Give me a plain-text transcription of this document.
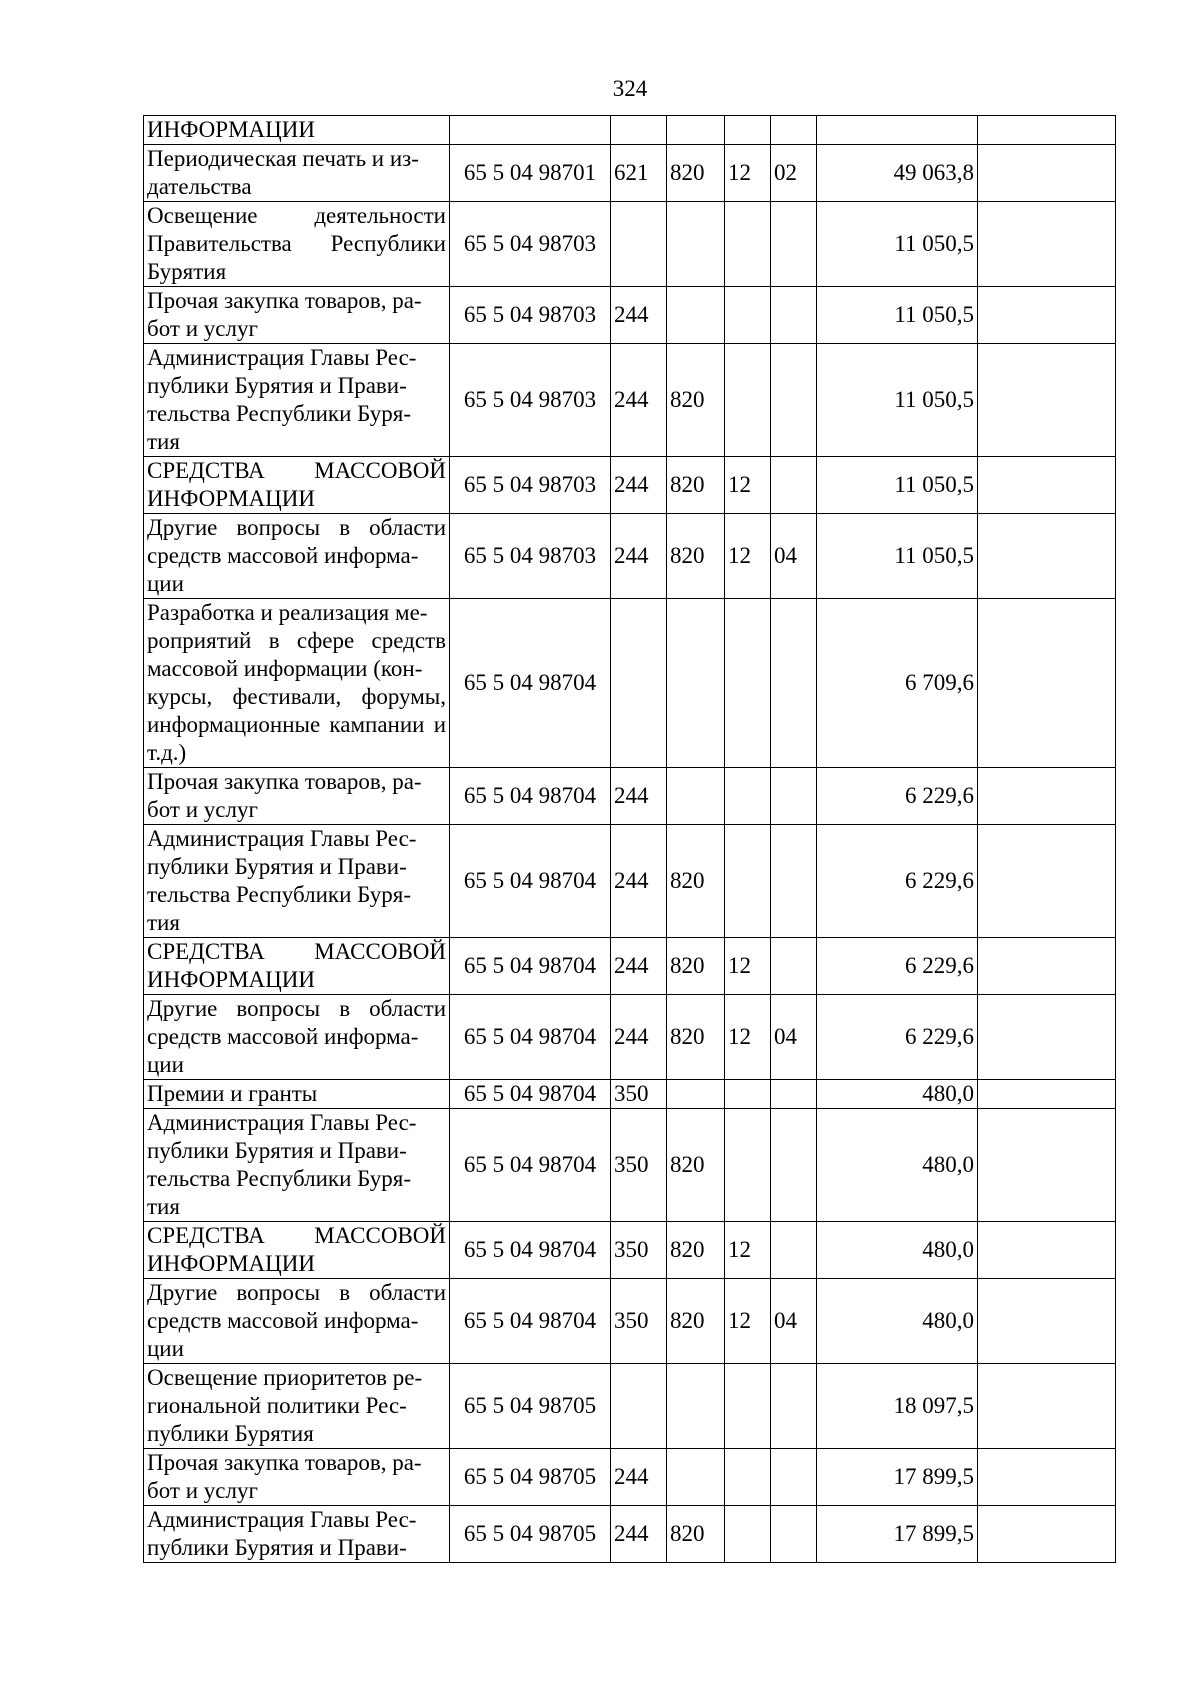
324
ИНФОРМАЦИИ							
Периодическая печать и из-
дательства	65 5 04 98701	621	820	12	02	49 063,8	
Освещение деятельности Правительства Республики Бурятия	65 5 04 98703					11 050,5	
Прочая закупка товаров, ра-
бот и услуг	65 5 04 98703	244				11 050,5	
Администрация Главы Рес-
публики Бурятия и Прави-
тельства Республики Буря-
тия	65 5 04 98703	244	820			11 050,5	
СРЕДСТВА МАССОВОЙ ИНФОРМАЦИИ	65 5 04 98703	244	820	12		11 050,5	
Другие вопросы в области средств массовой информа-
ции	65 5 04 98703	244	820	12	04	11 050,5	
Разработка и реализация ме-
роприятий в сфере средств массовой информации (кон-
курсы, фестивали, форумы, информационные кампании и т.д.)	65 5 04 98704					6 709,6	
Прочая закупка товаров, ра-
бот и услуг	65 5 04 98704	244				6 229,6	
Администрация Главы Рес-
публики Бурятия и Прави-
тельства Республики Буря-
тия	65 5 04 98704	244	820			6 229,6	
СРЕДСТВА МАССОВОЙ ИНФОРМАЦИИ	65 5 04 98704	244	820	12		6 229,6	
Другие вопросы в области средств массовой информа-
ции	65 5 04 98704	244	820	12	04	6 229,6	
Премии и гранты	65 5 04 98704	350				480,0	
Администрация Главы Рес-
публики Бурятия и Прави-
тельства Республики Буря-
тия	65 5 04 98704	350	820			480,0	
СРЕДСТВА МАССОВОЙ ИНФОРМАЦИИ	65 5 04 98704	350	820	12		480,0	
Другие вопросы в области средств массовой информа-
ции	65 5 04 98704	350	820	12	04	480,0	
Освещение приоритетов ре-
гиональной политики Рес-
публики Бурятия	65 5 04 98705					18 097,5	
Прочая закупка товаров, ра-
бот и услуг	65 5 04 98705	244				17 899,5	
Администрация Главы Рес-
публики Бурятия и Прави-	65 5 04 98705	244	820			17 899,5	
